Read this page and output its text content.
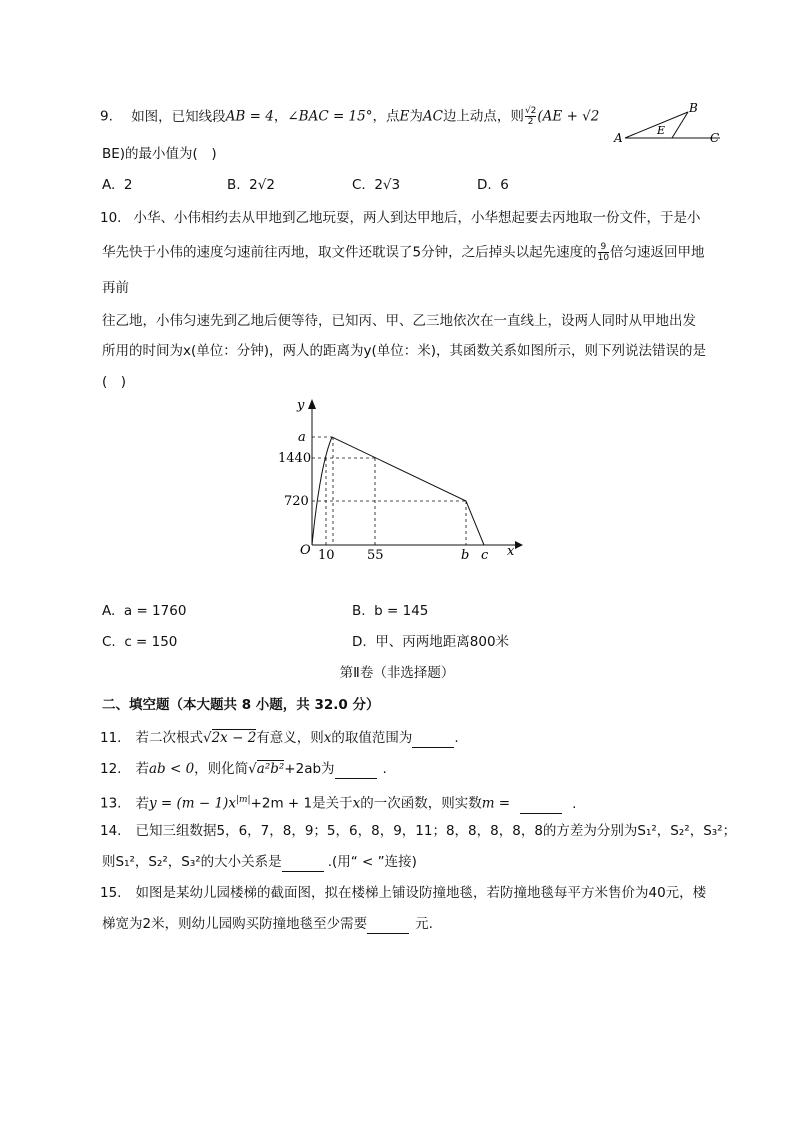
9. 如图，已知线段AB = 4，∠BAC = 15°，点E为AC边上动点，则 $\frac{√2}{2} (AE + √2$
BE)的最小值为(　)
A
B
C
E
A. 2	B. 2√2	C. 2√3	D. 6
10. 小华、小伟相约去从甲地到乙地玩耍，两人到达甲地后，小华想起要去丙地取一份文件，于是小
华先快于小伟的速度匀速前往丙地，取文件还耽误了5分钟，之后掉头以起先速度的 $\frac{9}{10}$ 倍匀速返回甲地
再前
往乙地，小伟匀速先到乙地后便等待，已知丙、甲、乙三地依次在一直线上，设两人同时从甲地出发
所用的时间为x(单位：分钟)，两人的距离为y(单位：米)，其函数关系如图所示，则下列说法错误的是
(　)
y
x
O
a
1440
720
10 55	b c
A. a = 1760	B. b = 145
C. c = 150	D. 甲、丙两地距离800米
第Ⅱ卷（非选择题）
二、填空题（本大题共 8 小题，共 32.0 分）
11. 若二次根式√2x − 2有意义，则x的取值范围为	.
12. 若ab < 0，则化简√a²b²+2ab为	.
13. 若$y = (m - 1)x^{|m|}+2m + 1$是关于x的一次函数，则实数m =	.
14. 已知三组数据5，6，7，8，9；5，6，8，9，11；8，8，8，8，8的方差为分别为S₁²，S₂²，S₃²；
则S₁²，S₂²，S₃²的大小关系是	.(用“ < ”连接)
15. 如图是某幼儿园楼梯的截面图，拟在楼梯上铺设防撞地毯，若防撞地毯每平方米售价为40元，楼
梯宽为2米，则幼儿园购买防撞地毯至少需要	元.
